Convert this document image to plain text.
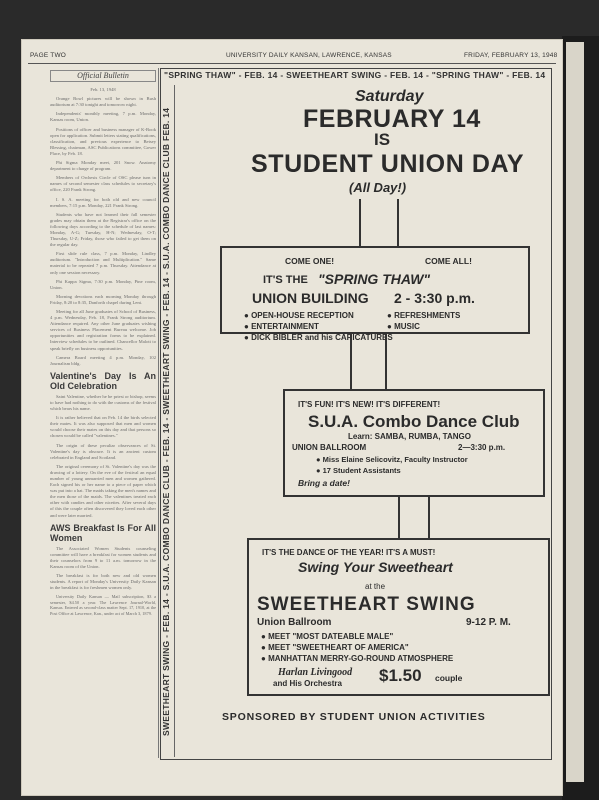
PAGE TWO	UNIVERSITY DAILY KANSAN, LAWRENCE, KANSAS	FRIDAY, FEBRUARY 13, 1948
Official Bulletin

Feb. 13, 1948

Orange Bowl pictures will be shown in Bush auditorium at 7:30 tonight and tomorrow night.

Independents' monthly meeting, 7 p.m. Monday, Kansas room, Union.

Positions of officer and business manager of K-Book open for application. Submit letters stating qualifications, classification, and previous experience to Betsey Blessing, chairman, ASC Publications committee, Gower Place, by Feb. 18.

Phi Sigma Monday meet, 201 Snow. Anatomy department to charge of program.

Members of Orchesis Circle of OSC please turn in names of second semester class schedules to secretary's office, 220 Frank Strong.

I. S. A. meeting for both old and new council members, 7:15 p.m. Monday, 221 Frank Strong.

Students who have not learned their fall semester grades may obtain them at the Registrar's office on the following days according to the schedule of last names: Monday, A-G; Tuesday, H-N; Wednesday, O-T; Thursday, U-Z; Friday, those who failed to get them on the regular day.

First slide rule class, 7 p.m. Monday, Lindley auditorium. "Introduction and Multiplication." Same material to be repeated 7 p.m. Thursday. Attendance at only one session necessary.

Phi Kappa Sigma, 7:30 p.m. Monday, Pine room, Union.

Morning devotions each morning Monday through Friday, 8:20 to 8:35, Danforth chapel during Lent.

Meeting for all June graduates of School of Business, 4 p.m. Wednesday, Feb. 18, Frank Strong auditorium. Attendance required. Any other June graduates wishing services of Business Placement Bureau welcome. Job opportunities and registration forms to be explained. Interview schedules to be outlined. Chancellor Malott to speak briefly on business opportunities.

Camera Board meeting 4 p.m. Monday, 102 Journalism bldg.

Valentine's Day Is An Old Celebration

Saint Valentine, whether he be priest or bishop, seems to have had nothing to do with the customs of the festival which bears his name.

It is rather believed that on Feb. 14 the birds selected their mates. It was also supposed that men and women would choose their mates on this day and that persons so chosen would be called "valentines."

The origin of these peculiar observances of St. Valentine's day is obscure. It is an ancient custom celebrated in England and Scotland.

The original ceremony of St. Valentine's day was the drawing of a lottery. On the eve of the festival an equal number of young unmarried men and women gathered. Each signed his or her name to a piece of paper which was put into a hat. The maids taking the men's names and the men those of the maids. The valentines treated each other with candies and other niceties. After several days of this the couple often discovered they loved each other and were later married.

AWS Breakfast Is For All Women

The Associated Women Students counseling committee will have a breakfast for women students and their counselors from 9 to 11 a.m. tomorrow in the Kansas room of the Union.

The breakfast is for both new and old women students. A report of Monday's University Daily Kansan in the breakfast is for freshmen women only.

University Daily Kansan — Mail subscription, $3 a semester, $4.50 a year. The Lawrence Journal-World, Kansas. Entered as second-class matter Sept. 17, 1910, at the Post Office at Lawrence, Kan., under act of March 3, 1879.

"SPRING THAW" - FEB. 14 - SWEETHEART SWING - FEB. 14 - "SPRING THAW" - FEB. 14
SWEETHEART SWING - FEB. 14 - S.U.A. COMBO DANCE CLUB - FEB. 14 - SWEETHEART SWING - FEB. 14 - S.U.A. COMBO DANCE CLUB FEB. 14
Saturday
FEBRUARY 14
IS
STUDENT UNION DAY
(All Day!)
COME ONE!	COME ALL!
IT'S THE "SPRING THAW"
UNION BUILDING 2 - 3:30 p.m.
● OPEN-HOUSE RECEPTION	● REFRESHMENTS
● ENTERTAINMENT	● MUSIC
● DICK BIBLER and his CARICATURES
IT'S FUN! IT'S NEW! IT'S DIFFERENT!
S.U.A. Combo Dance Club
Learn: SAMBA, RUMBA, TANGO
UNION BALLROOM	2—3:30 p.m.
● Miss Elaine Selicovitz, Faculty Instructor
● 17 Student Assistants
Bring a date!
IT'S THE DANCE OF THE YEAR! IT'S A MUST!
Swing Your Sweetheart
at the
SWEETHEART SWING
Union Ballroom	9-12 P. M.
● MEET "MOST DATEABLE MALE"
● MEET "SWEETHEART OF AMERICA"
● MANHATTAN MERRY-GO-ROUND ATMOSPHERE
Harlan Livingood
and His Orchestra $1.50 couple
SPONSORED BY STUDENT UNION ACTIVITIES
